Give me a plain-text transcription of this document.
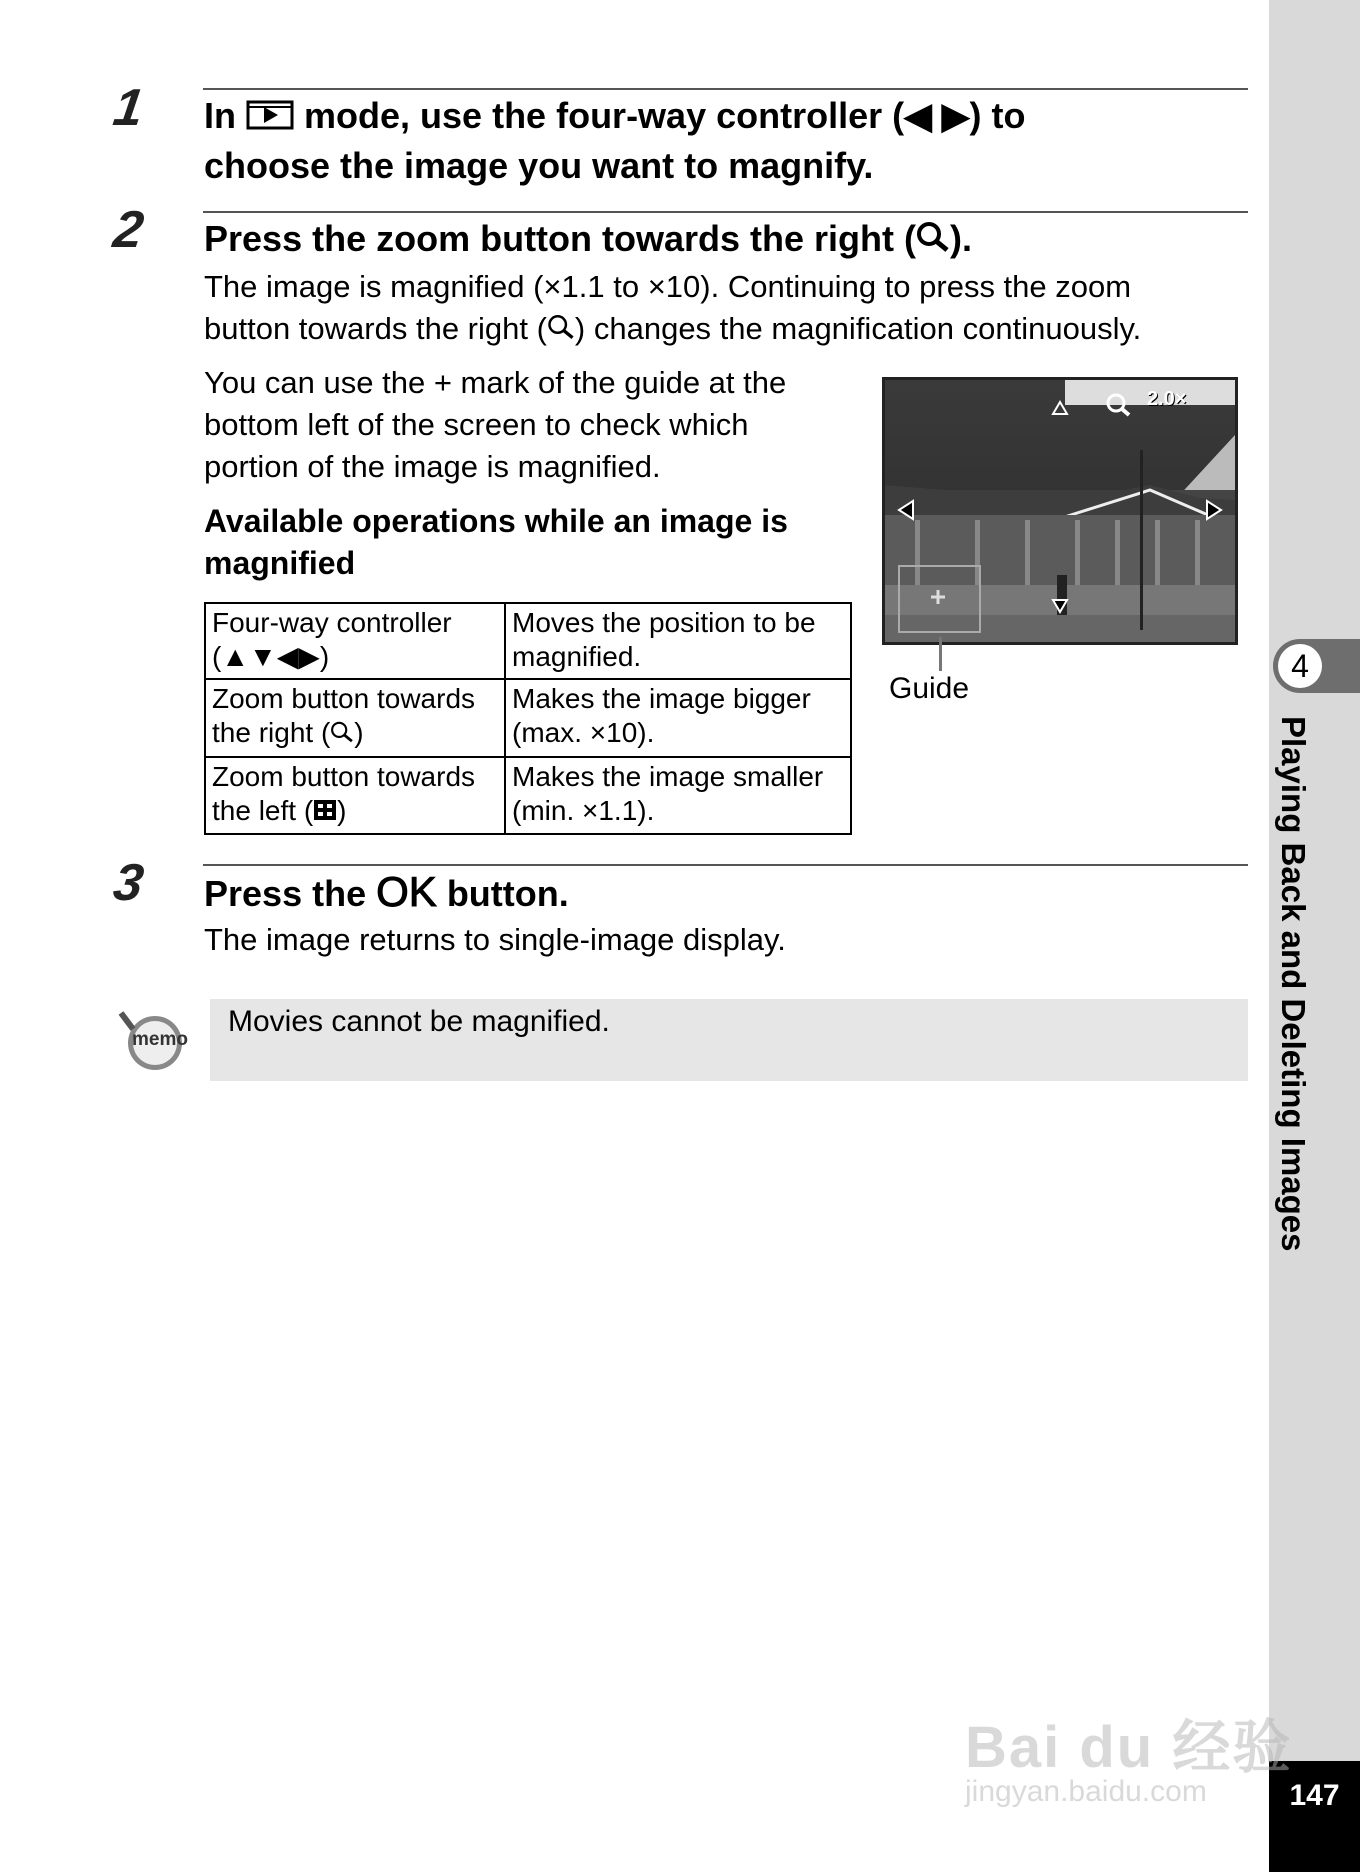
1 In mode, use the four-way controller (◀ ▶) to
choose the image you want to magnify.
2 Press the zoom button towards the right ( ).
The image is magnified (×1.1 to ×10). Continuing to press the zoom
button towards the right ( ) changes the magnification continuously.
You can use the + mark of the guide at the
bottom left of the screen to check which
portion of the image is magnified.
Available operations while an image is
magnified
Four-way controller
(▲▼◀▶)	Moves the position to be
magnified.
Zoom button towards
the right ( )	Makes the image bigger
(max. ×10).
Zoom button towards
the left ( )	Makes the image smaller
(min. ×1.1).
2.0×
Guide
3 Press the OK button.
The image returns to single-image display.
memo
Movies cannot be magnified.
4
Playing Back and Deleting Images
147
Bai du 经验
jingyan.baidu.com
